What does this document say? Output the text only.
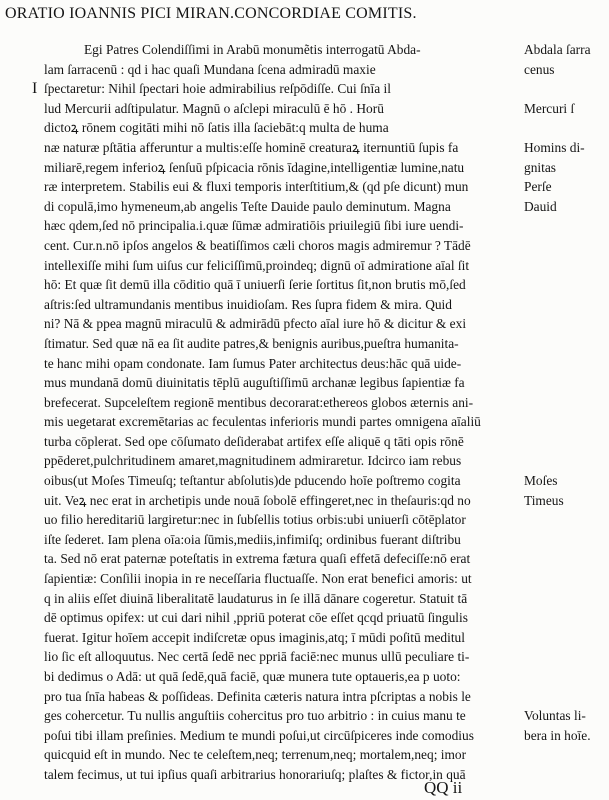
ORATIO IOANNIS PICI MIRAN.CONCORDIAE COMITIS.
I
Egi Patres Colendiſſimi in Arabū monumẽtis interrogatū Abda-
lam ſarracenū : qd i hac quaſi Mundana ſcena admiradū maxie
ſpectaretur: Nihil ſpectari hoie admirabilius reſpōdiſſe. Cui ſnīa il
lud Mercurii adſtipulatur. Magnū o aſclepi miraculū ē hō . Horū
dictoꝝ rōnem cogitāti mihi nō ſatis illa ſaciebāt:q multa de huma
næ naturæ pſtātia afferuntur a multis:eſſe hominē creaturaꝝ iternuntiū ſupis fa
miliarē,regem inferioꝝ ſenſuū pſpicacia rōnis īdagine,intelligentiæ lumine,natu
ræ interpretem. Stabilis eui & fluxi temporis interſtitium,& (qd pſe dicunt) mun
di copulā,imo hymeneum,ab angelis Teſte Dauide paulo deminutum. Magna
hæc qdem,ſed nō principalia.i.quæ ſūmæ admiratiōis priuilegiū ſibi iure uendi-
cent. Cur.n.nō ipſos angelos & beatiſſimos cæli choros magis admiremur ? Tādē
intellexiſſe mihi ſum uiſus cur feliciſſimū,proindeq; dignū oī admiratione aīal ſit
hō: Et quæ ſit demū illa cōditio quā ī uniuerſi ſerie ſortitus ſit,non brutis mō,ſed
aſtris:ſed ultramundanis mentibus inuidioſam. Res ſupra fidem & mira. Quid
ni? Nā & ppea magnū miraculū & admirādū pfecto aīal iure hō & dicitur & exi
ſtimatur. Sed quæ nā ea ſit audite patres,& benignis auribus,pueſtra humanita-
te hanc mihi opam condonate. Iam ſumus Pater architectus deus:hāc quā uide-
mus mundanā domū diuinitatis tēplū auguſtiſſimū archanæ legibus ſapientiæ fa
brefecerat. Supceleſtem regionē mentibus decorarat:ethereos globos æternis ani-
mis uegetarat excremētarias ac feculentas inferioris mundi partes omnigena aīaliū
turba cōplerat. Sed ope cōſumato deſiderabat artifex eſſe aliquē q tāti opis rōnē
ppēderet,pulchritudinem amaret,magnitudinem admiraretur. Idcirco iam rebus
oibus(ut Moſes Timeuſq; teſtantur abſolutis)de pducendo hoīe poſtremo cogita
uit. Veꝝ nec erat in archetipis unde nouā ſobolē effingeret,nec in theſauris:qd no
uo filio hereditariū largiretur:nec in ſubſellis totius orbis:ubi uniuerſi cōtēplator
iſte ſederet. Iam plena oīa:oia ſūmis,mediis,infimiſq; ordinibus fuerant diſtribu
ta. Sed nō erat paternæ poteſtatis in extrema fætura quaſi effetā defeciſſe:nō erat
ſapientiæ: Conſilii inopia in re neceſſaria fluctuaſſe. Non erat benefici amoris: ut
q in aliis eſſet diuinā liberalitatē laudaturus in ſe illā dānare cogeretur. Statuit tā
dē optimus opifex: ut cui dari nihil ,ppriū poterat cōe eſſet qcqd priuatū ſingulis
fuerat. Igitur hoīem accepit indiſcretæ opus imaginis,atq; ī mūdi poſitū meditul
lio ſic eſt alloquutus. Nec certā ſedē nec ppriā faciē:nec munus ullū peculiare ti-
bi dedimus o Adā: ut quā ſedē,quā faciē, quæ munera tute optaueris,ea p uoto:
pro tua ſnīa habeas & poſſideas. Definita cæteris natura intra pſcriptas a nobis le
ges cohercetur. Tu nullis anguſtiis cohercitus pro tuo arbitrio : in cuius manu te
poſui tibi illam preſinies. Medium te mundi poſui,ut circūſpiceres inde comodius
quicquid eſt in mundo. Nec te celeſtem,neq; terrenum,neq; mortalem,neq; imor
talem fecimus, ut tui ipſius quaſi arbitrarius honorariuſq; plaſtes & fictor,in quā
Abdala ſarra
cenus
Mercuri ſ
Homins di-
gnitas
Perſe
Dauid
Moſes
Timeus
Voluntas li-
bera in hoīe.
QQ ii
